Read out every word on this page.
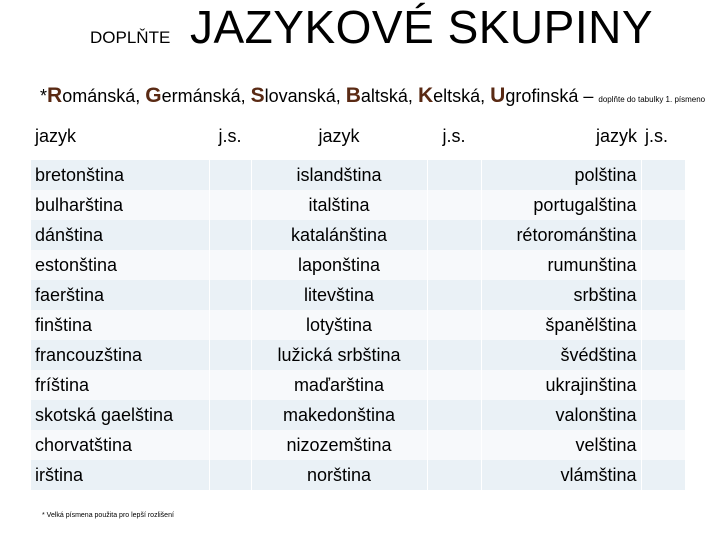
DOPLŇTE JAZYKOVÉ SKUPINY
*Románská, Germánská, Slovanská, Baltská, Keltská, Ugrofinská – doplňte do tabulky 1. písmeno
jazyk	j.s.	jazyk	j.s.	jazyk	j.s.
bretonština		islandština		polština	
bulharština		italština		portugalština	
dánština		katalánština		rétorománština	
estonština		laponština		rumunština	
faerština		litevština		srbština	
finština		lotyština		španělština	
francouzština		lužická srbština		švédština	
fríština		maďarština		ukrajinština	
skotská gaelština		makedonština		valonština	
chorvatština		nizozemština		velština	
irština		norština		vlámština	
* Velká písmena použita pro lepší rozlišení
